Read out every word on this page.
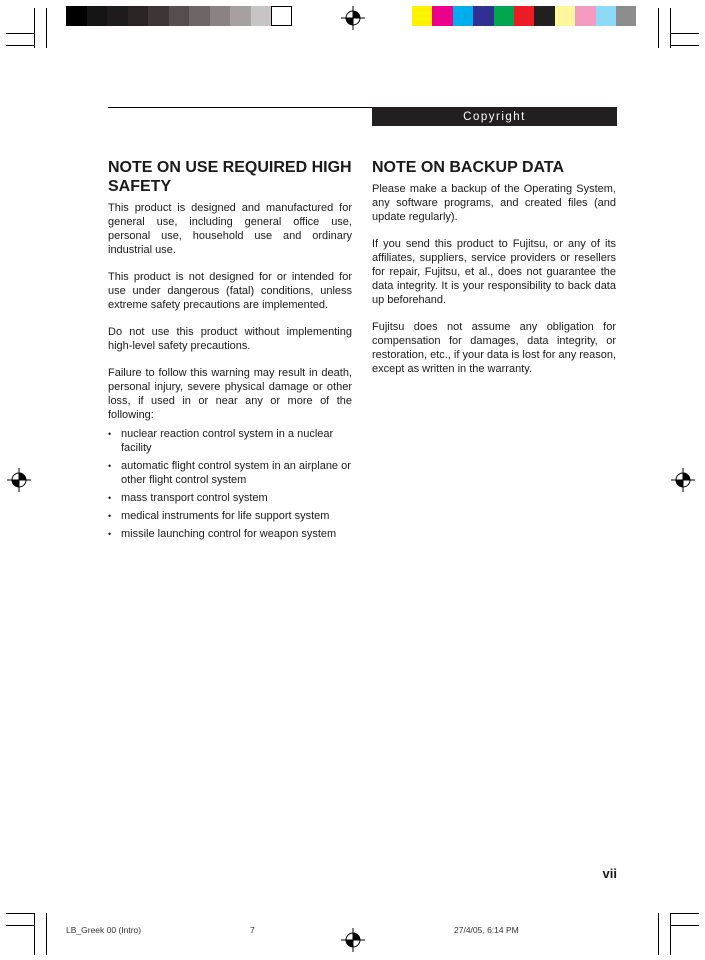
Copyright
NOTE ON USE REQUIRED HIGH SAFETY

This product is designed and manufactured for general use, including general office use, personal use, household use and ordinary industrial use.

This product is not designed for or intended for use under dangerous (fatal) conditions, unless extreme safety precautions are implemented.

Do not use this product without implementing high-level safety precautions.

Failure to follow this warning may result in death, personal injury, severe physical damage or other loss, if used in or near any or more of the following:

• nuclear reaction control system in a nuclear facility
• automatic flight control system in an airplane or other flight control system
• mass transport control system
• medical instruments for life support system
• missile launching control for weapon system
NOTE ON BACKUP DATA

Please make a backup of the Operating System, any software programs, and created files (and update regularly).

If you send this product to Fujitsu, or any of its affiliates, suppliers, service providers or resellers for repair, Fujitsu, et al., does not guarantee the data integrity. It is your responsibility to back data up beforehand.

Fujitsu does not assume any obligation for compensation for damages, data integrity, or restoration, etc., if your data is lost for any reason, except as written in the warranty.

vii
LB_Greek 00 (Intro)	7	27/4/05, 6:14 PM
